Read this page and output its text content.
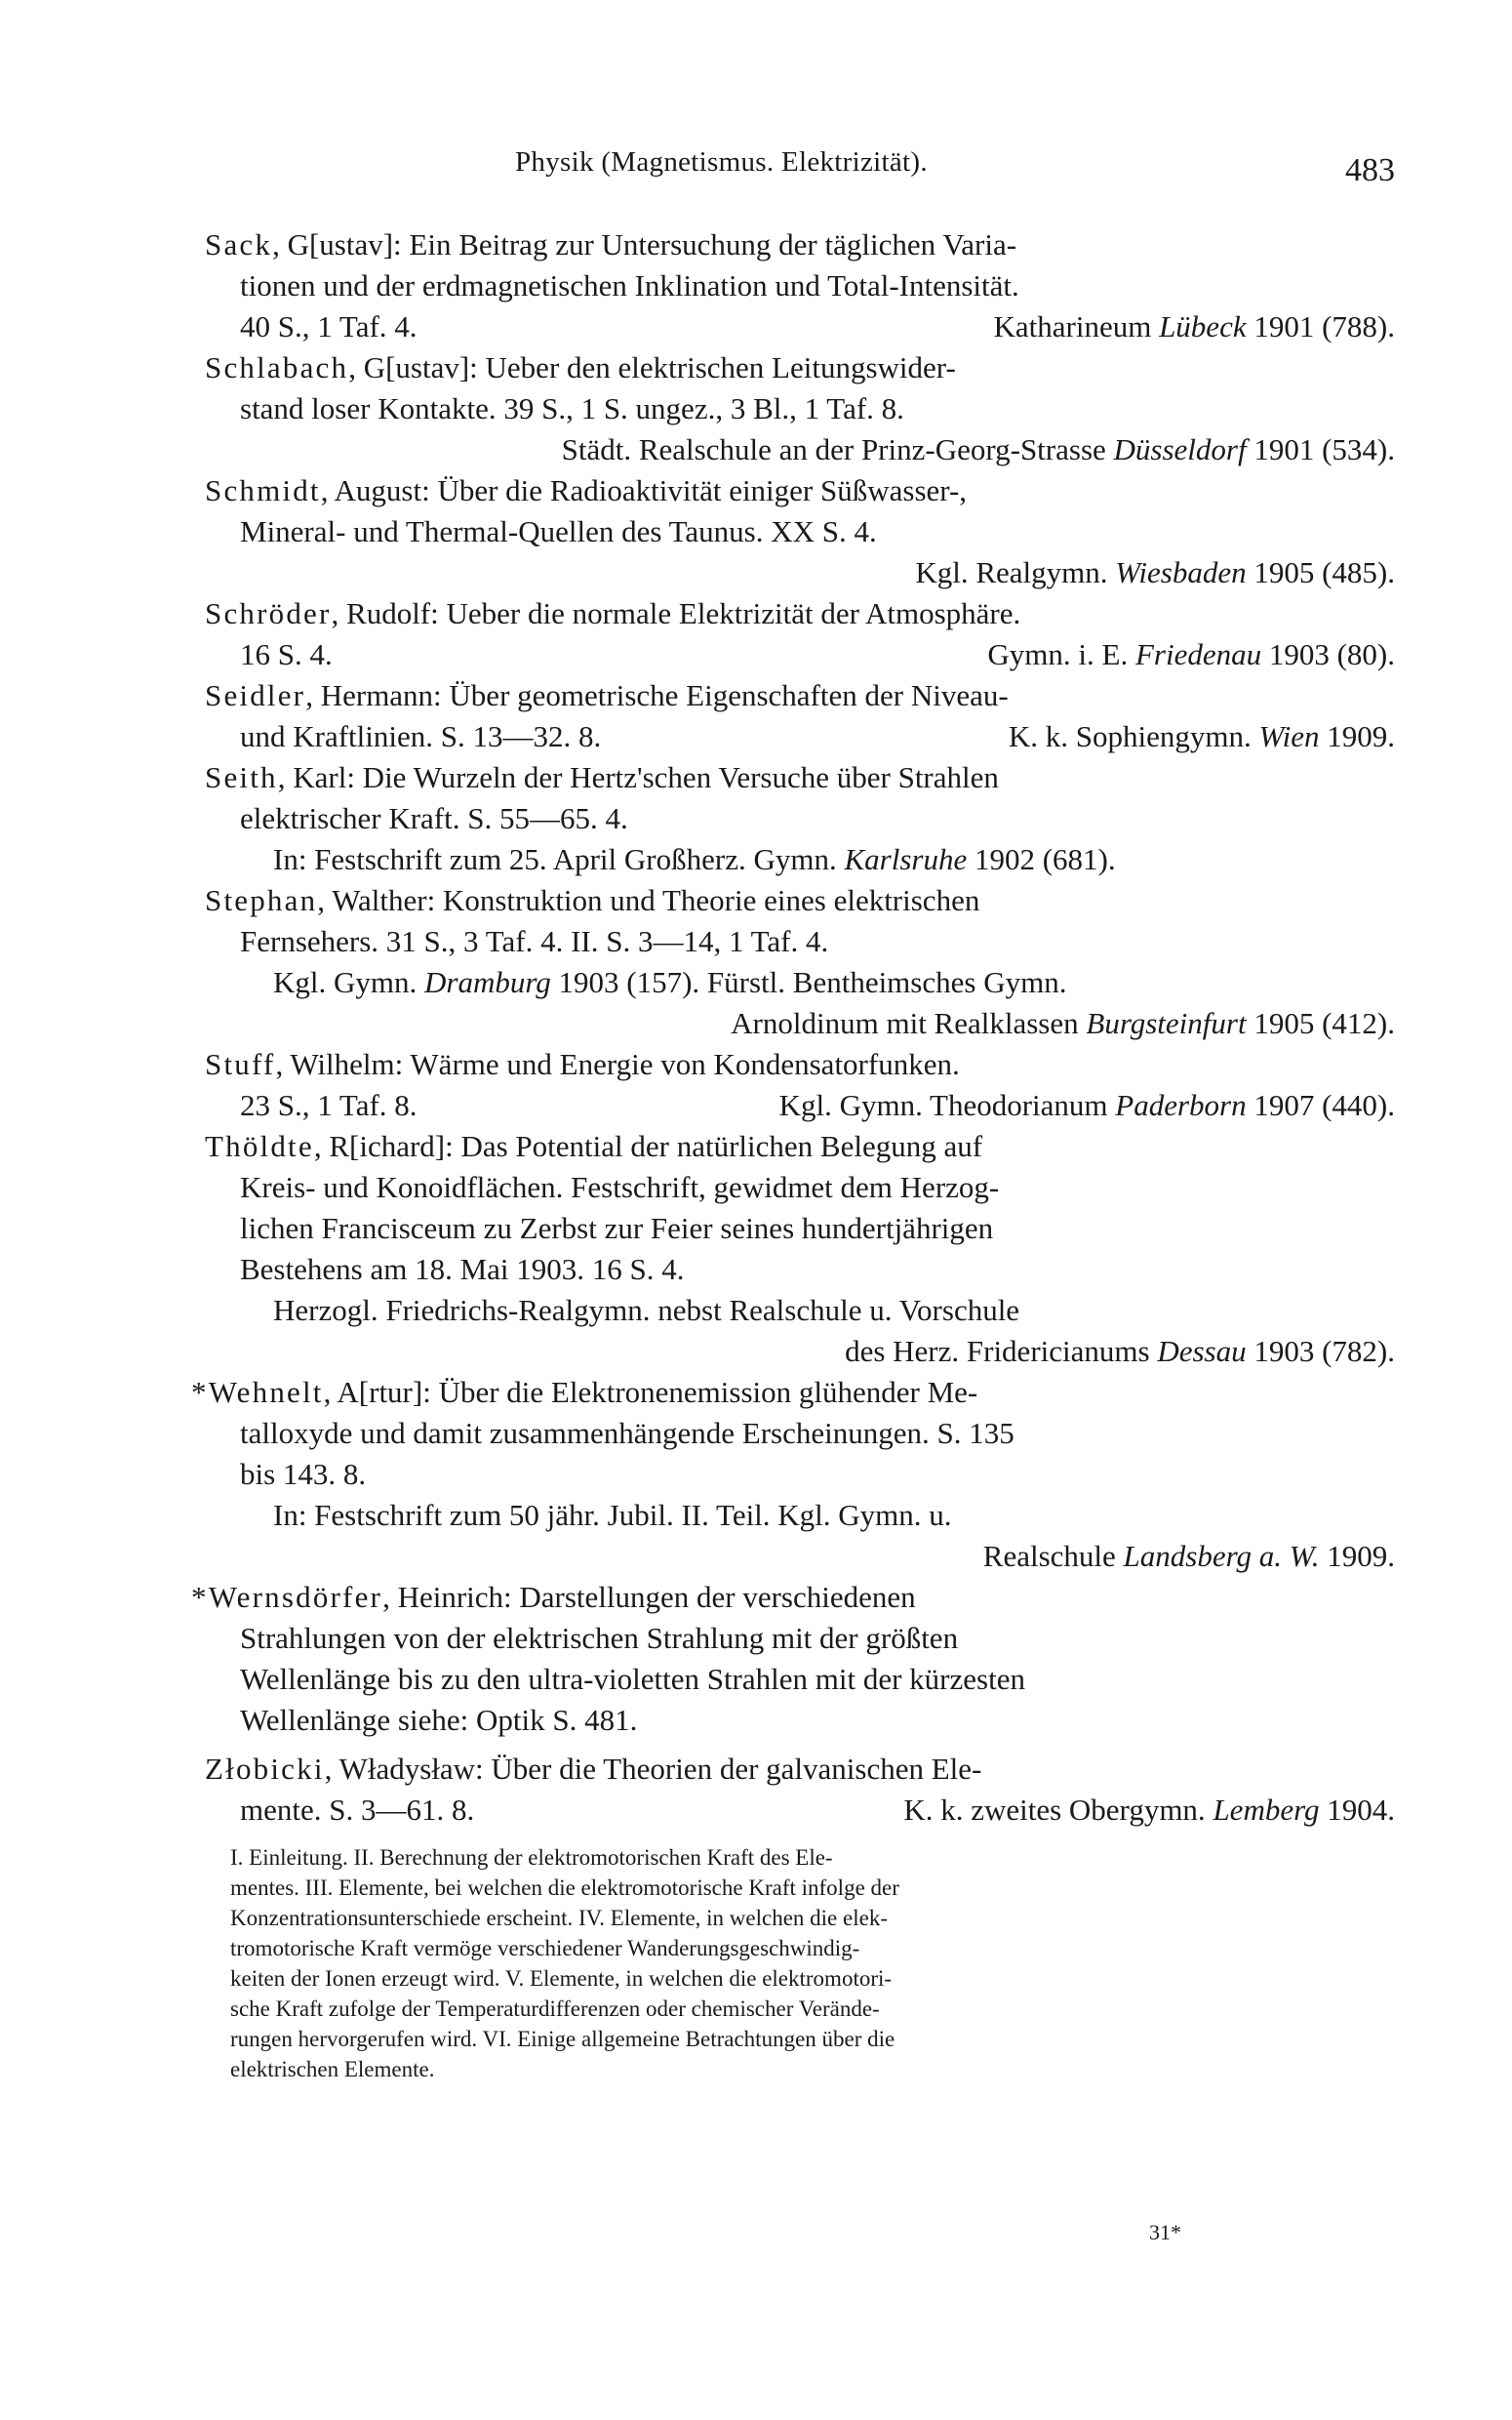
Physik (Magnetismus. Elektrizität).	483
Sack, G[ustav]: Ein Beitrag zur Untersuchung der täglichen Varia-
tionen und der erdmagnetischen Inklination und Total-Intensität.
40 S., 1 Taf. 4.	Katharineum Lübeck 1901 (788).
Schlabach, G[ustav]: Ueber den elektrischen Leitungswider-
stand loser Kontakte. 39 S., 1 S. ungez., 3 Bl., 1 Taf. 8.
Städt. Realschule an der Prinz-Georg-Strasse Düsseldorf 1901 (534).
Schmidt, August: Über die Radioaktivität einiger Süßwasser-,
Mineral- und Thermal-Quellen des Taunus. XX S. 4.
Kgl. Realgymn. Wiesbaden 1905 (485).
Schröder, Rudolf: Ueber die normale Elektrizität der Atmosphäre.
16 S. 4.	Gymn. i. E. Friedenau 1903 (80).
Seidler, Hermann: Über geometrische Eigenschaften der Niveau-
und Kraftlinien. S. 13—32. 8.	K. k. Sophiengymn. Wien 1909.
Seith, Karl: Die Wurzeln der Hertz'schen Versuche über Strahlen
elektrischer Kraft. S. 55—65. 4.
In: Festschrift zum 25. April Großherz. Gymn. Karlsruhe 1902 (681).
Stephan, Walther: Konstruktion und Theorie eines elektrischen
Fernsehers. 31 S., 3 Taf. 4. II. S. 3—14, 1 Taf. 4.
Kgl. Gymn. Dramburg 1903 (157). Fürstl. Bentheimsches Gymn.
Arnoldinum mit Realklassen Burgsteinfurt 1905 (412).
Stuff, Wilhelm: Wärme und Energie von Kondensatorfunken.
23 S., 1 Taf. 8.	Kgl. Gymn. Theodorianum Paderborn 1907 (440).
Thöldte, R[ichard]: Das Potential der natürlichen Belegung auf
Kreis- und Konoidflächen. Festschrift, gewidmet dem Herzog-
lichen Francisceum zu Zerbst zur Feier seines hundertjährigen
Bestehens am 18. Mai 1903. 16 S. 4.
Herzogl. Friedrichs-Realgymn. nebst Realschule u. Vorschule
des Herz. Fridericianums Dessau 1903 (782).
*Wehnelt, A[rtur]: Über die Elektronenemission glühender Me-
talloxyde und damit zusammenhängende Erscheinungen. S. 135
bis 143. 8.
In: Festschrift zum 50 jähr. Jubil. II. Teil. Kgl. Gymn. u.
Realschule Landsberg a. W. 1909.
*Wernsdörfer, Heinrich: Darstellungen der verschiedenen
Strahlungen von der elektrischen Strahlung mit der größten
Wellenlänge bis zu den ultra-violetten Strahlen mit der kürzesten
Wellenlänge siehe: Optik S. 481.
Złobicki, Władysław: Über die Theorien der galvanischen Ele-
mente. S. 3—61. 8.	K. k. zweites Obergymn. Lemberg 1904.
I. Einleitung. II. Berechnung der elektromotorischen Kraft des Ele-
mentes. III. Elemente, bei welchen die elektromotorische Kraft infolge der
Konzentrationsunterschiede erscheint. IV. Elemente, in welchen die elek-
tromotorische Kraft vermöge verschiedener Wanderungsgeschwindig-
keiten der Ionen erzeugt wird. V. Elemente, in welchen die elektromotori-
sche Kraft zufolge der Temperaturdifferenzen oder chemischer Verände-
rungen hervorgerufen wird. VI. Einige allgemeine Betrachtungen über die
elektrischen Elemente.
31*
